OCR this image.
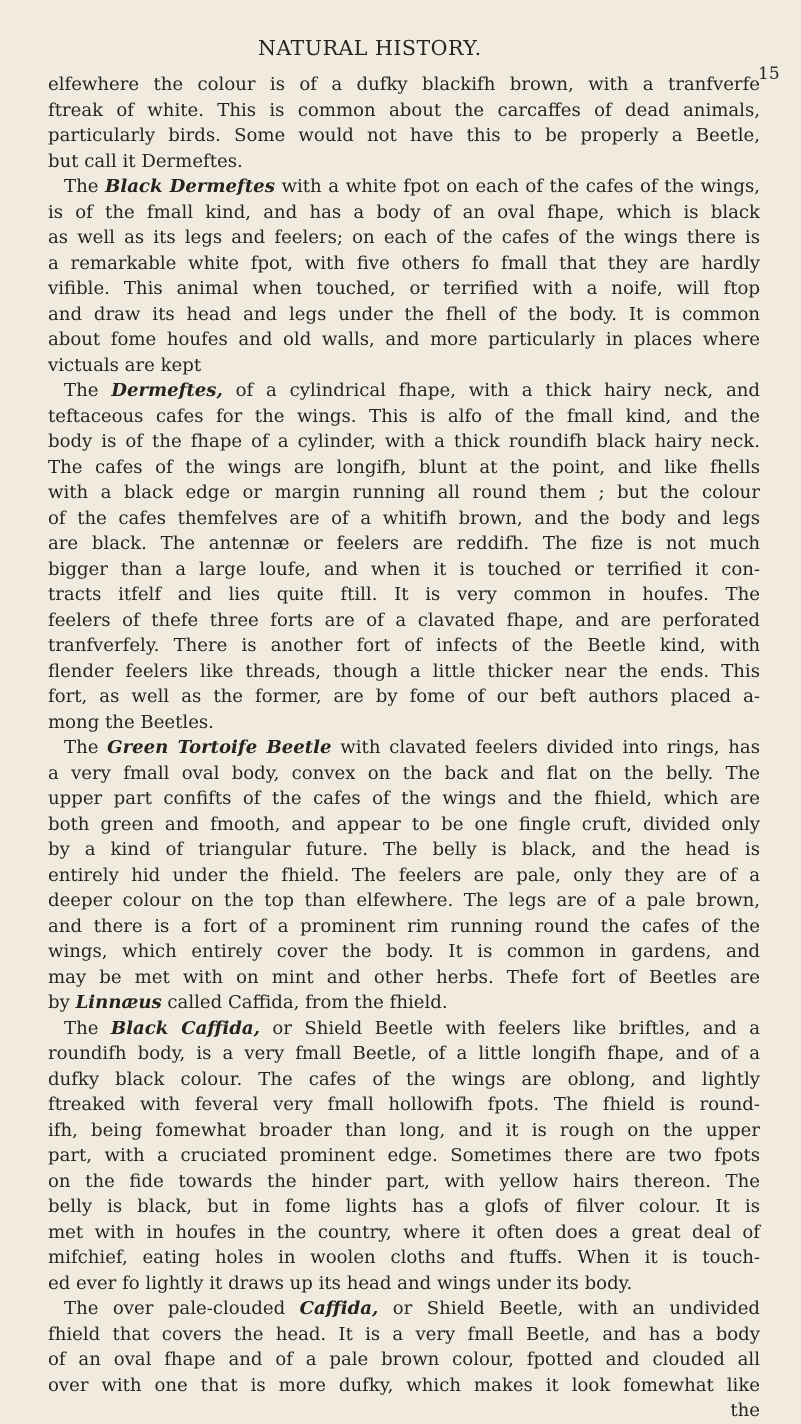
NATURAL HISTORY.
15
elfewhere the colour is of a dufky blackifh brown, with a tranfverfe
ftreak of white. This is common about the carcaffes of dead animals,
particularly birds. Some would not have this to be properly a Beetle,
but call it Dermeftes.
The Black Dermeftes with a white fpot on each of the cafes of the wings,
is of the fmall kind, and has a body of an oval fhape, which is black
as well as its legs and feelers; on each of the cafes of the wings there is
a remarkable white fpot, with five others fo fmall that they are hardly
vifible. This animal when touched, or terrified with a noife, will ftop
and draw its head and legs under the fhell of the body. It is common
about fome houfes and old walls, and more particularly in places where
victuals are kept
The Dermeftes, of a cylindrical fhape, with a thick hairy neck, and
teftaceous cafes for the wings. This is alfo of the fmall kind, and the
body is of the fhape of a cylinder, with a thick roundifh black hairy neck.
The cafes of the wings are longifh, blunt at the point, and like fhells
with a black edge or margin running all round them ; but the colour
of the cafes themfelves are of a whitifh brown, and the body and legs
are black. The antennæ or feelers are reddifh. The fize is not much
bigger than a large loufe, and when it is touched or terrified it con-
tracts itfelf and lies quite ftill. It is very common in houfes. The
feelers of thefe three forts are of a clavated fhape, and are perforated
tranfverfely. There is another fort of infects of the Beetle kind, with
flender feelers like threads, though a little thicker near the ends. This
fort, as well as the former, are by fome of our beft authors placed a-
mong the Beetles.
The Green Tortoife Beetle with clavated feelers divided into rings, has
a very fmall oval body, convex on the back and flat on the belly. The
upper part confifts of the cafes of the wings and the fhield, which are
both green and fmooth, and appear to be one fingle cruft, divided only
by a kind of triangular future. The belly is black, and the head is
entirely hid under the fhield. The feelers are pale, only they are of a
deeper colour on the top than elfewhere. The legs are of a pale brown,
and there is a fort of a prominent rim running round the cafes of the
wings, which entirely cover the body. It is common in gardens, and
may be met with on mint and other herbs. Thefe fort of Beetles are
by Linnæus called Caffida, from the fhield.
The Black Caffida, or Shield Beetle with feelers like briftles, and a
roundifh body, is a very fmall Beetle, of a little longifh fhape, and of a
dufky black colour. The cafes of the wings are oblong, and lightly
ftreaked with feveral very fmall hollowifh fpots. The fhield is round-
ifh, being fomewhat broader than long, and it is rough on the upper
part, with a cruciated prominent edge. Sometimes there are two fpots
on the fide towards the hinder part, with yellow hairs thereon. The
belly is black, but in fome lights has a glofs of filver colour. It is
met with in houfes in the country, where it often does a great deal of
mifchief, eating holes in woolen cloths and ftuffs. When it is touch-
ed ever fo lightly it draws up its head and wings under its body.
The over pale-clouded Caffida, or Shield Beetle, with an undivided
fhield that covers the head. It is a very fmall Beetle, and has a body
of an oval fhape and of a pale brown colour, fpotted and clouded all
over with one that is more dufky, which makes it look fomewhat like
the
